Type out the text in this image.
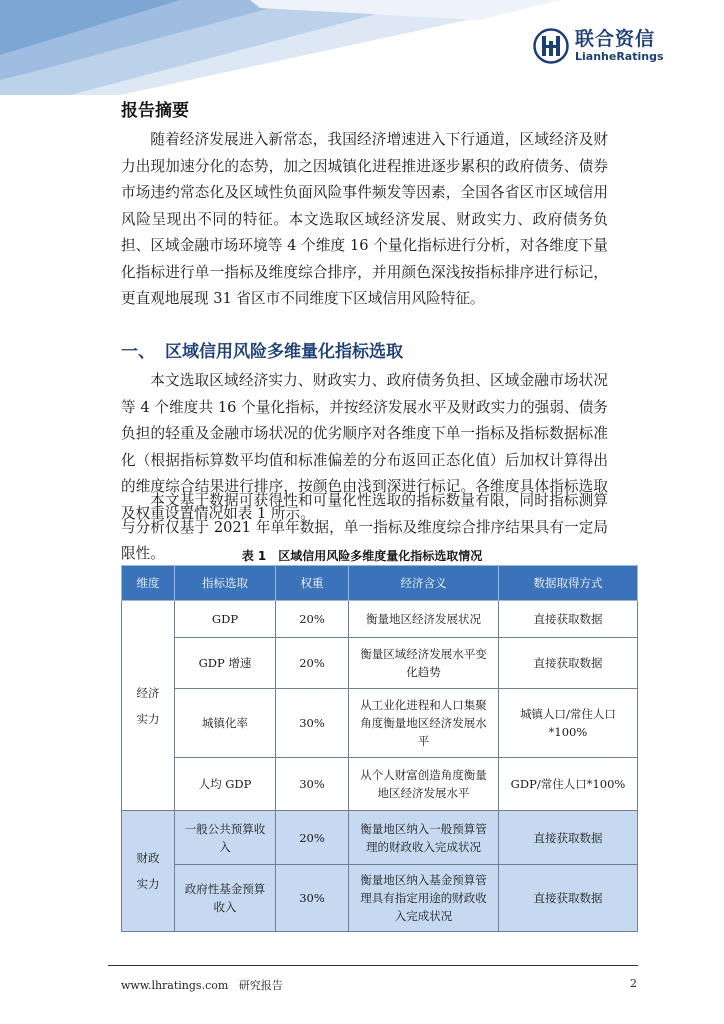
联合资信
LianheRatings
报告摘要

随着经济发展进入新常态，我国经济增速进入下行通道，区域经济及财力出现加速分化的态势，加之因城镇化进程推进逐步累积的政府债务、债券市场违约常态化及区域性负面风险事件频发等因素，全国各省区市区域信用风险呈现出不同的特征。本文选取区域经济发展、财政实力、政府债务负担、区域金融市场环境等 4 个维度 16 个量化指标进行分析，对各维度下量化指标进行单一指标及维度综合排序，并用颜色深浅按指标排序进行标记，更直观地展现 31 省区市不同维度下区域信用风险特征。

一、 区域信用风险多维量化指标选取

本文选取区域经济实力、财政实力、政府债务负担、区域金融市场状况等 4 个维度共 16 个量化指标，并按经济发展水平及财政实力的强弱、债务负担的轻重及金融市场状况的优劣顺序对各维度下单一指标及指标数据标准化（根据指标算数平均值和标准偏差的分布返回正态化值）后加权计算得出的维度综合结果进行排序，按颜色由浅到深进行标记。各维度具体指标选取及权重设置情况如表 1 所示。

本文基于数据可获得性和可量化性选取的指标数量有限，同时指标测算与分析仅基于 2021 年单年数据，单一指标及维度综合排序结果具有一定局限性。	表 1　区域信用风险多维度量化指标选取情况
维度	指标选取	权重	经济含义	数据取得方式
经济
实力	GDP	20%	衡量地区经济发展状况	直接获取数据
	GDP 增速	20%	衡量区域经济发展水平变化趋势	直接获取数据
	城镇化率	30%	从工业化进程和人口集聚角度衡量地区经济发展水平	城镇人口/常住人口*100%
	人均 GDP	30%	从个人财富创造角度衡量地区经济发展水平	GDP/常住人口*100%
财政
实力	一般公共预算收入	20%	衡量地区纳入一般预算管理的财政收入完成状况	直接获取数据
	政府性基金预算收入	30%	衡量地区纳入基金预算管理具有指定用途的财政收入完成状况	直接获取数据
www.lhratings.com 研究报告	2
